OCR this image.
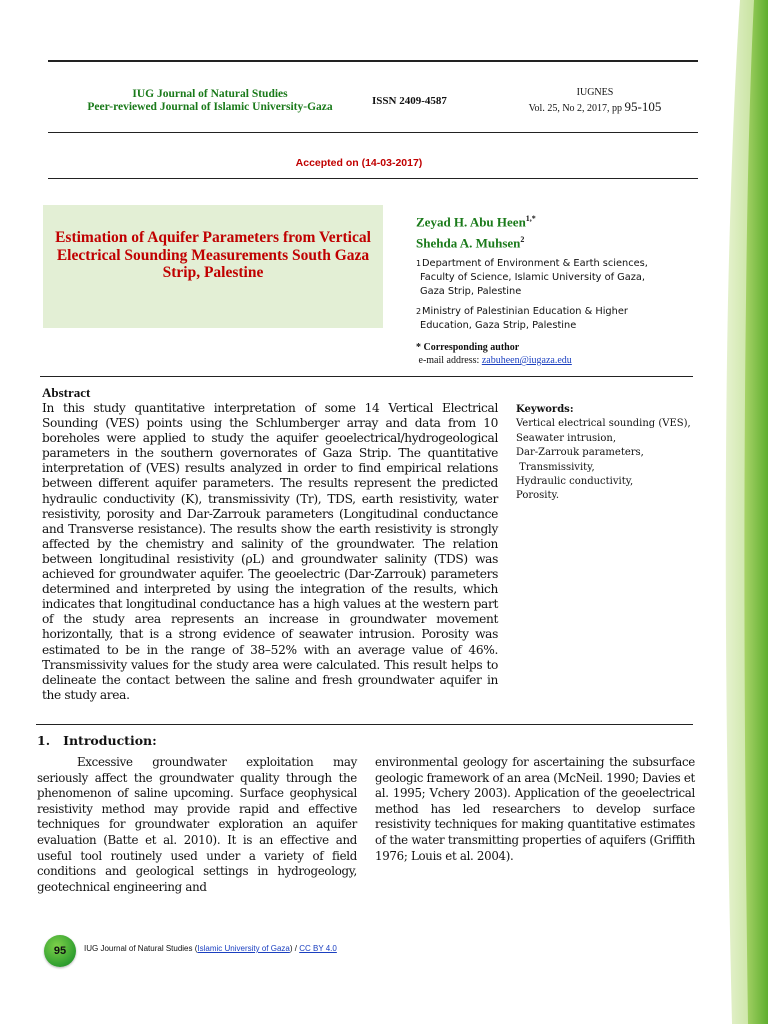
IUG Journal of Natural Studies
Peer-reviewed Journal of Islamic University-Gaza	ISSN 2409-4587
IUGNES
Vol. 25, No 2, 2017, pp 95-105
Accepted on (14-03-2017)
Estimation of Aquifer Parameters from Vertical Electrical Sounding Measurements South Gaza Strip, Palestine
Zeyad H. Abu Heen$^{1,*}$
Shehda A. Muhsen$^2$
1Department of Environment & Earth sciences,
Faculty of Science, Islamic University of Gaza,
Gaza Strip, Palestine
2Ministry of Palestinian Education & Higher
Education, Gaza Strip, Palestine
* Corresponding author
e-mail address: zabuheen@iugaza.edu
Abstract
In this study quantitative interpretation of some 14 Vertical Electrical Sounding (VES) points using the Schlumberger array and data from 10 boreholes were applied to study the aquifer geoelectrical/hydrogeological parameters in the southern governorates of Gaza Strip. The quantitative interpretation of (VES) results analyzed in order to find empirical relations between different aquifer parameters. The results represent the predicted hydraulic conductivity (K), transmissivity (Tr), TDS, earth resistivity, water resistivity, porosity and Dar-Zarrouk parameters (Longitudinal conductance and Transverse resistance). The results show the earth resistivity is strongly affected by the chemistry and salinity of the groundwater. The relation between longitudinal resistivity (ρL) and groundwater salinity (TDS) was achieved for groundwater aquifer. The geoelectric (Dar-Zarrouk) parameters determined and interpreted by using the integration of the results, which indicates that longitudinal conductance has a high values at the western part of the study area represents an increase in groundwater movement horizontally, that is a strong evidence of seawater intrusion. Porosity was estimated to be in the range of 38–52% with an average value of 46%. Transmissivity values for the study area were calculated. This result helps to delineate the contact between the saline and fresh groundwater aquifer in the study area.
Keywords:
Vertical electrical sounding (VES),
Seawater intrusion,
Dar-Zarrouk parameters,
Transmissivity,
Hydraulic conductivity,
Porosity.
1.   Introduction:
Excessive groundwater exploitation may seriously affect the groundwater quality through the phenomenon of saline upcoming. Surface geophysical resistivity method may provide rapid and effective techniques for groundwater exploration an aquifer evaluation (Batte et al. 2010). It is an effective and useful tool routinely used under a variety of field conditions and geological settings in hydrogeology, geotechnical engineering and
environmental geology for ascertaining the subsurface geologic framework of an area (McNeil. 1990; Davies et al. 1995; Vchery 2003). Application of the geoelectrical method has led researchers to develop surface resistivity techniques for making quantitative estimates of the water transmitting properties of aquifers (Griffith 1976; Louis et al. 2004).
95	IUG Journal of Natural Studies (Islamic University of Gaza) / CC BY 4.0
